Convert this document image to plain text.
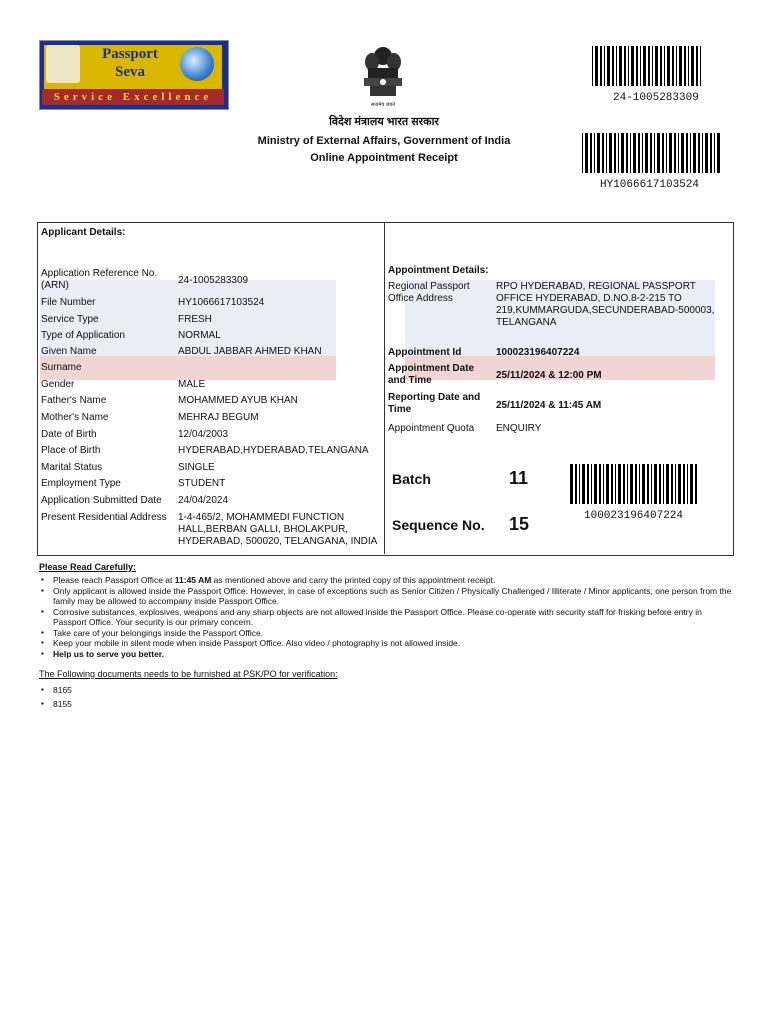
Passport
Seva
Service Excellence
सत्यमेव जयते
विदेश मंत्रालय भारत सरकार
Ministry of External Affairs, Government of India
Online Appointment Receipt
24-1005283309
HY1066617103524
Applicant Details:
Application Reference No. (ARN)	24-1005283309
File Number	HY1066617103524
Service Type	FRESH
Type of Application	NORMAL
Given Name	ABDUL JABBAR AHMED KHAN
Surname
Gender	MALE
Father's Name	MOHAMMED AYUB KHAN
Mother's Name	MEHRAJ BEGUM
Date of Birth	12/04/2003
Place of Birth	HYDERABAD,HYDERABAD,TELANGANA
Marital Status	SINGLE
Employment Type	STUDENT
Application Submitted Date 24/04/2024
Present Residential Address 1-4-465/2, MOHAMMEDI FUNCTION HALL,BERBAN GALLI, BHOLAKPUR, HYDERABAD, 500020, TELANGANA, INDIA
Appointment Details:
Regional Passport Office Address
RPO HYDERABAD, REGIONAL PASSPORT OFFICE HYDERABAD, D.NO.8-2-215 TO 219,KUMMARGUDA,SECUNDERABAD-500003, TELANGANA
Appointment Id	100023196407224
Appointment Date and Time	25/11/2024 & 12:00 PM
Reporting Date and Time	25/11/2024 & 11:45 AM
Appointment Quota ENQUIRY
Batch	11
Sequence No. 15	100023196407224
Please Read Carefully:
▪ Please reach Passport Office at 11:45 AM as mentioned above and carry the printed copy of this appointment receipt.
▪ Only applicant is allowed inside the Passport Office. However, in case of exceptions such as Senior Citizen / Physically Challenged / Illiterate / Minor applicants, one person from the family may be allowed to accompany inside Passport Office.
▪ Corrosive substances, explosives, weapons and any sharp objects are not allowed inside the Passport Office. Please co-operate with security staff for frisking before entry in Passport Office. Your security is our primary concern.
▪ Take care of your belongings inside the Passport Office.
▪ Keep your mobile in silent mode when inside Passport Office. Also video / photography is not allowed inside.
▪ Help us to serve you better.
The Following documents needs to be furnished at PSK/PO for verification:
▪ 8165
▪ 8155
